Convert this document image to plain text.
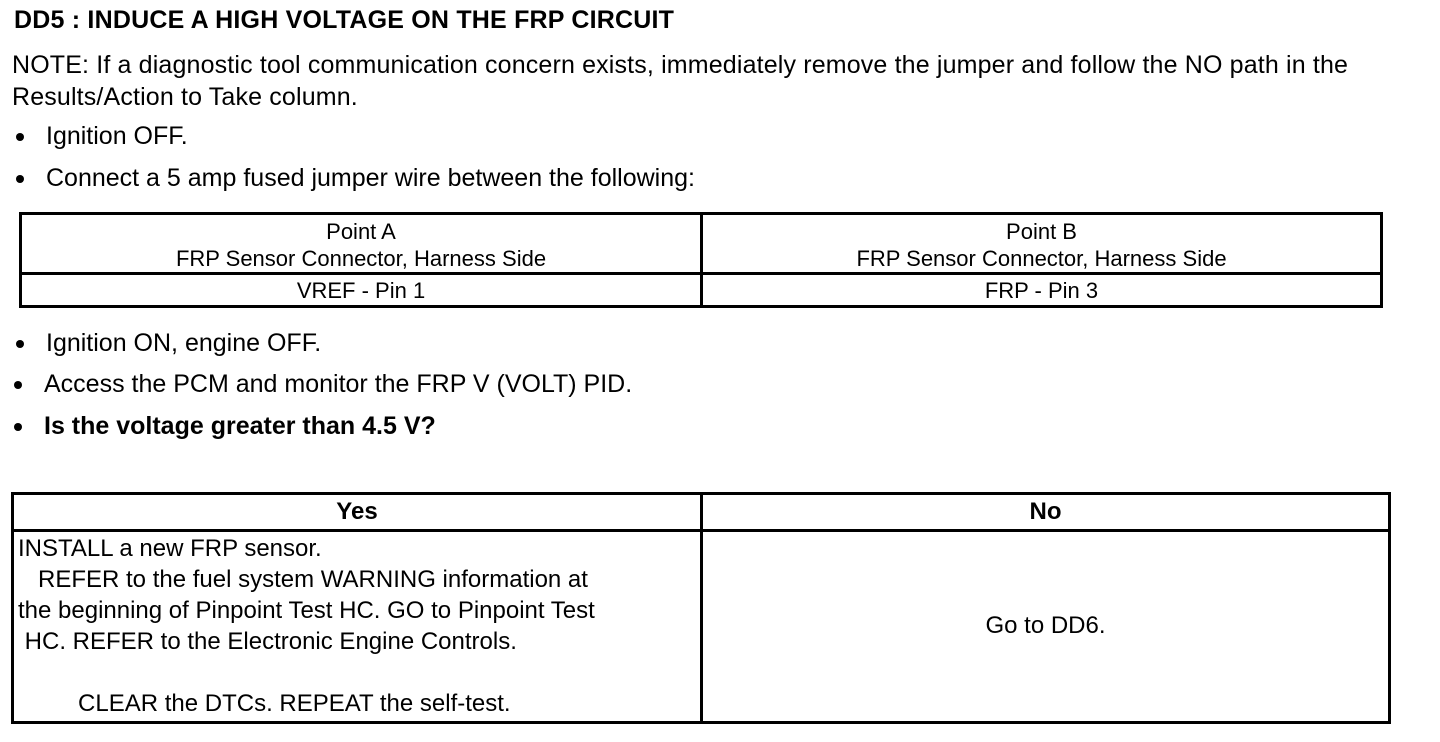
DD5 : INDUCE A HIGH VOLTAGE ON THE FRP CIRCUIT
NOTE: If a diagnostic tool communication concern exists, immediately remove the jumper and follow the NO path in the Results/Action to Take column.
Ignition OFF.
Connect a 5 amp fused jumper wire between the following:
Point A
FRP Sensor Connector, Harness Side
Point B
FRP Sensor Connector, Harness Side
VREF - Pin 1	FRP - Pin 3
Ignition ON, engine OFF.
Access the PCM and monitor the FRP V (VOLT) PID.
Is the voltage greater than 4.5 V?
Yes	No
INSTALL a new FRP sensor.
REFER to the fuel system WARNING information at
the beginning of Pinpoint Test HC. GO to Pinpoint Test
HC. REFER to the Electronic Engine Controls.
CLEAR the DTCs. REPEAT the self-test.
Go to DD6.
